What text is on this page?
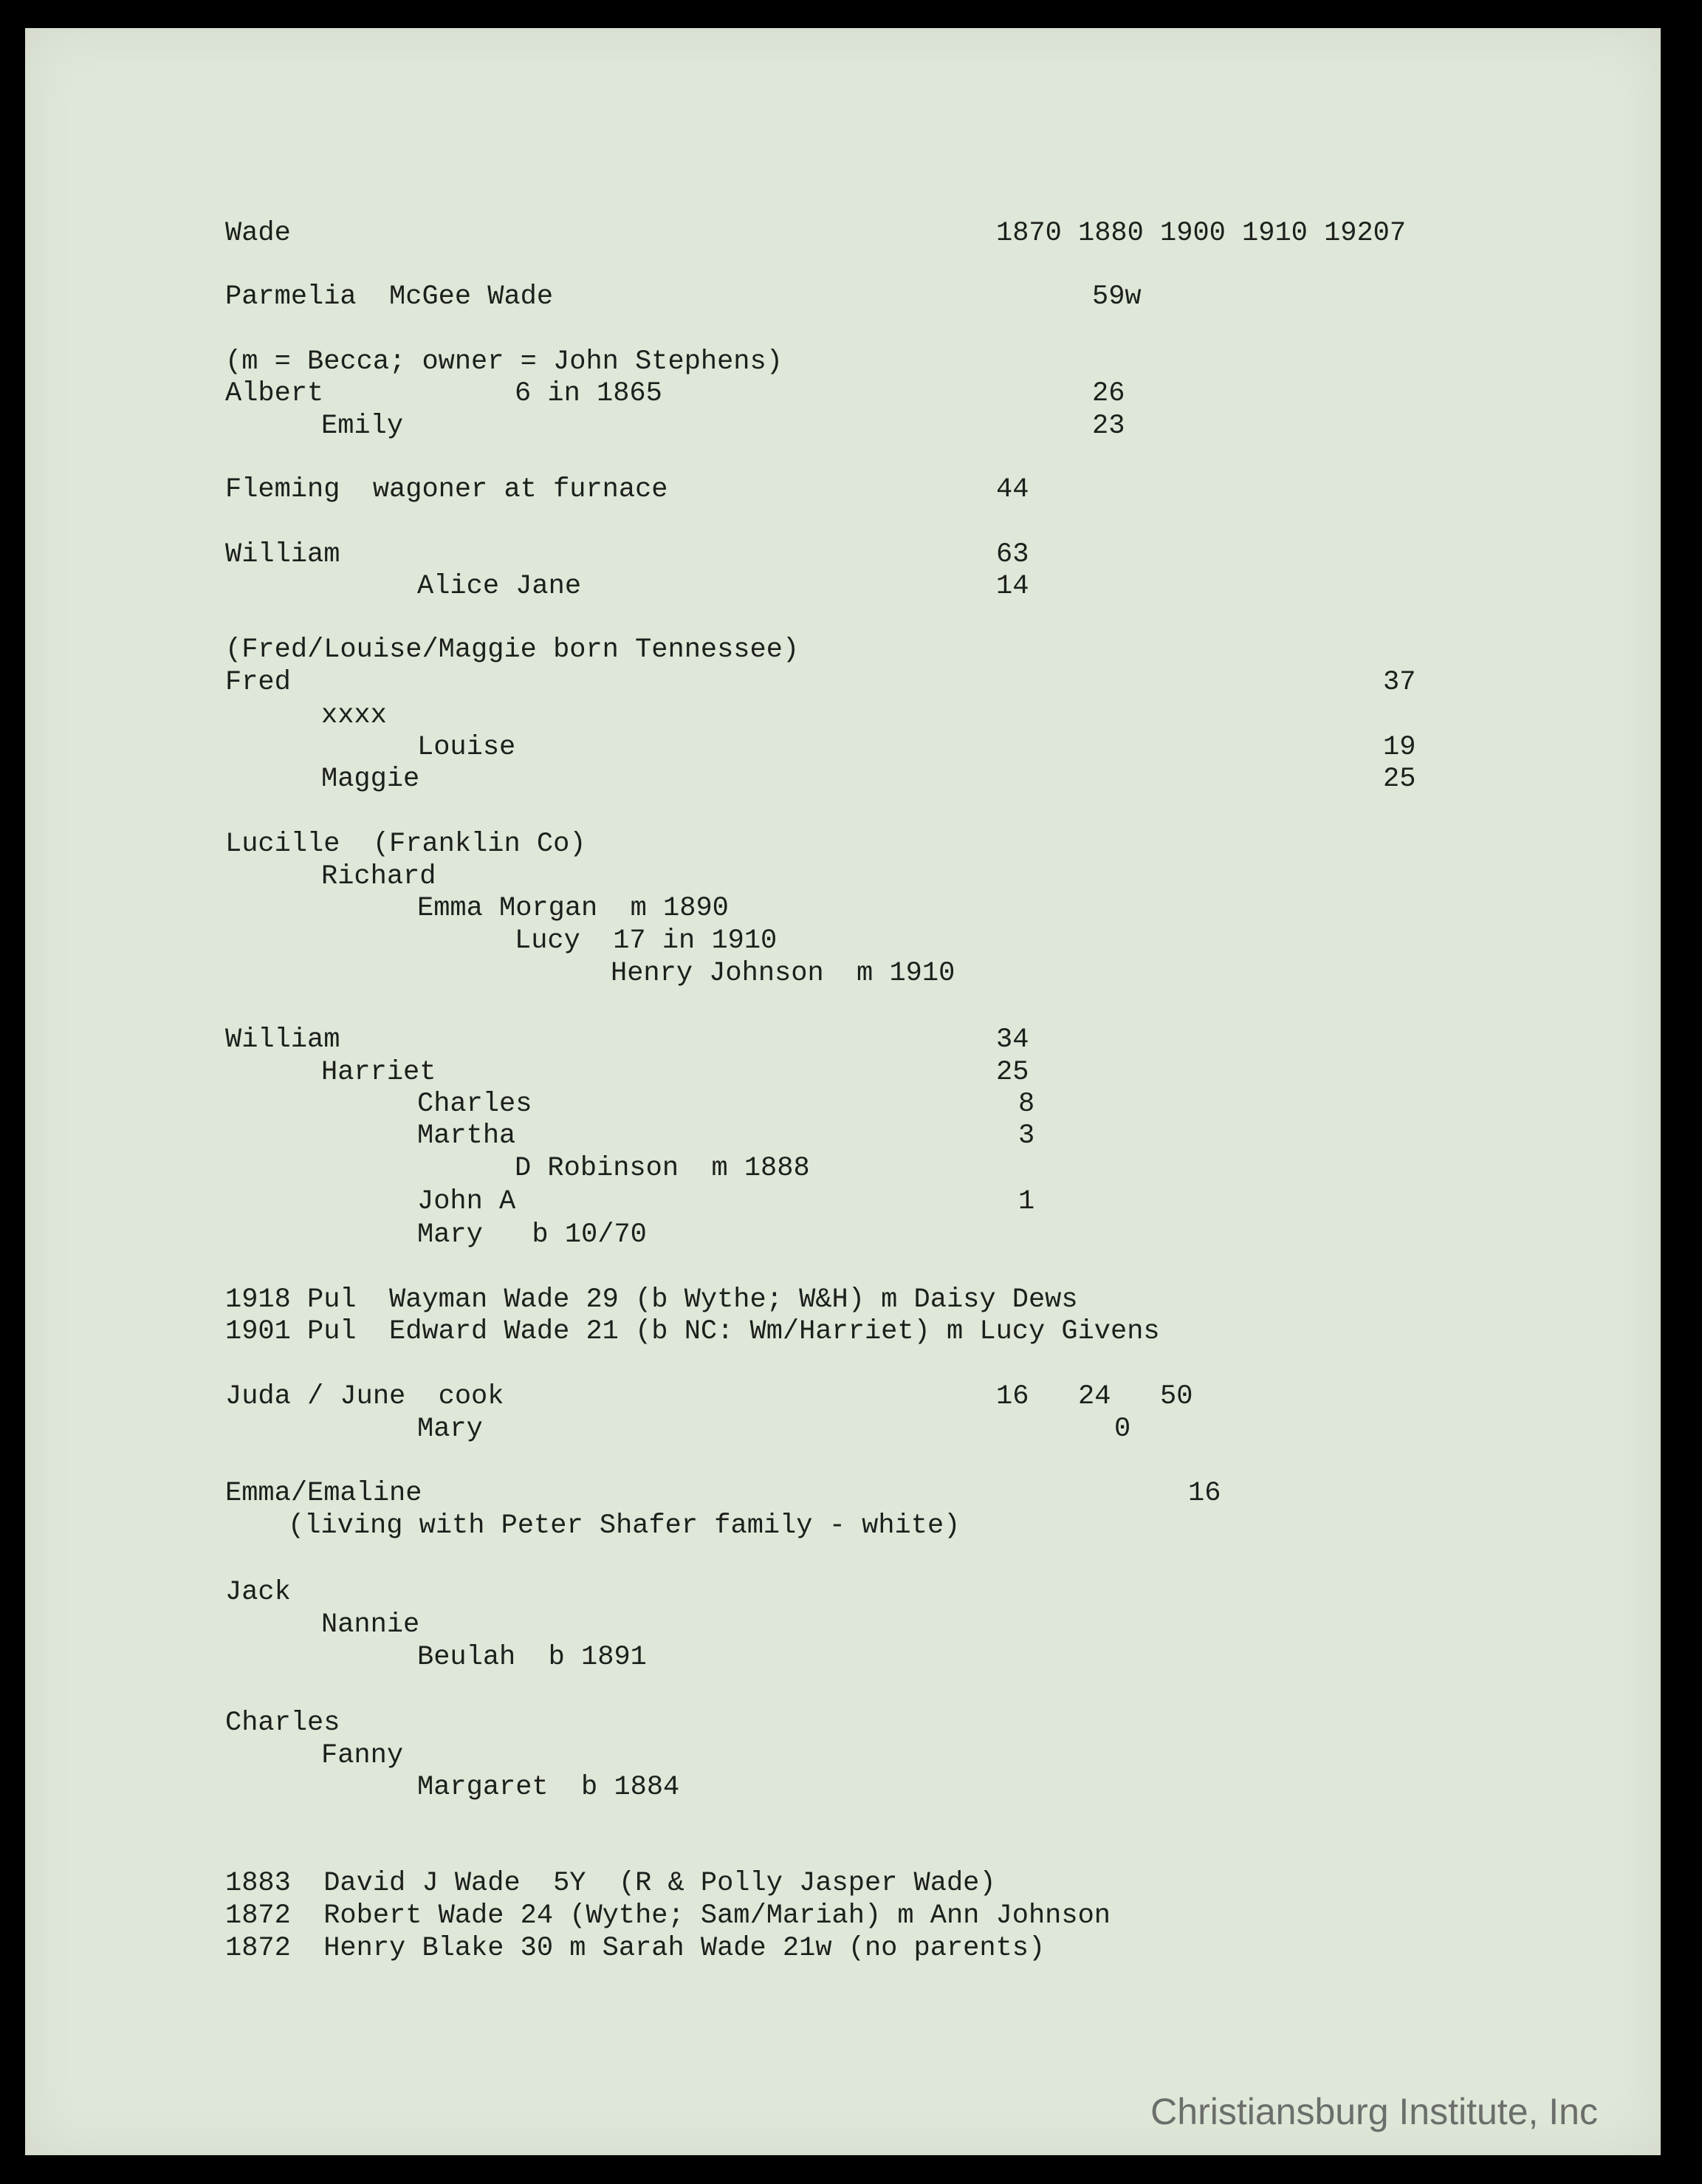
Wade	1870 1880 1900 1910 19207
Parmelia  McGee Wade	59w
(m = Becca; owner = John Stephens)
Albert	6 in 1865	26
Emily	23
Fleming  wagoner at furnace	44
William	63
Alice Jane	14
(Fred/Louise/Maggie born Tennessee)
Fred	37
xxxx
Louise	19
Maggie	25
Lucille  (Franklin Co)
Richard
Emma Morgan  m 1890
Lucy  17 in 1910
Henry Johnson  m 1910
William	34
Harriet	25
Charles	8
Martha	3
D Robinson  m 1888
John A	1
Mary   b 10/70
1918 Pul  Wayman Wade 29 (b Wythe; W&H) m Daisy Dews
1901 Pul  Edward Wade 21 (b NC: Wm/Harriet) m Lucy Givens
Juda / June  cook	16   24   50
Mary	0
Emma/Emaline	16
(living with Peter Shafer family - white)
Jack
Nannie
Beulah  b 1891
Charles
Fanny
Margaret  b 1884
1883  David J Wade  5Y  (R & Polly Jasper Wade)
1872  Robert Wade 24 (Wythe; Sam/Mariah) m Ann Johnson
1872  Henry Blake 30 m Sarah Wade 21w (no parents)
Christiansburg Institute, Inc
